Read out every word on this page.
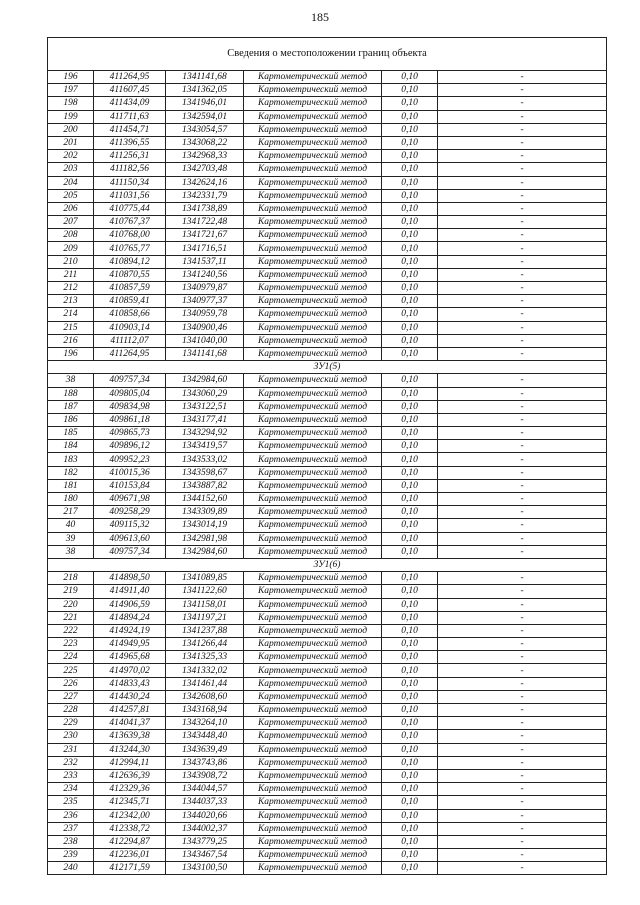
185
Сведения о местоположении границ объекта					
196	411264,95	1341141,68	Картометрический метод	0,10	-
197	411607,45	1341362,05	Картометрический метод	0,10	-
198	411434,09	1341946,01	Картометрический метод	0,10	-
199	411711,63	1342594,01	Картометрический метод	0,10	-
200	411454,71	1343054,57	Картометрический метод	0,10	-
201	411396,55	1343068,22	Картометрический метод	0,10	-
202	411256,31	1342968,33	Картометрический метод	0,10	-
203	411182,56	1342703,48	Картометрический метод	0,10	-
204	411150,34	1342624,16	Картометрический метод	0,10	-
205	411031,56	1342331,79	Картометрический метод	0,10	-
206	410775,44	1341738,89	Картометрический метод	0,10	-
207	410767,37	1341722,48	Картометрический метод	0,10	-
208	410768,00	1341721,67	Картометрический метод	0,10	-
209	410765,77	1341716,51	Картометрический метод	0,10	-
210	410894,12	1341537,11	Картометрический метод	0,10	-
211	410870,55	1341240,56	Картометрический метод	0,10	-
212	410857,59	1340979,87	Картометрический метод	0,10	-
213	410859,41	1340977,37	Картометрический метод	0,10	-
214	410858,66	1340959,78	Картометрический метод	0,10	-
215	410903,14	1340900,46	Картометрический метод	0,10	-
216	411112,07	1341040,00	Картометрический метод	0,10	-
196	411264,95	1341141,68	Картометрический метод	0,10	-
ЗУ1(5)					
38	409757,34	1342984,60	Картометрический метод	0,10	-
188	409805,04	1343060,29	Картометрический метод	0,10	-
187	409834,98	1343122,51	Картометрический метод	0,10	-
186	409861,18	1343177,41	Картометрический метод	0,10	-
185	409865,73	1343294,92	Картометрический метод	0,10	-
184	409896,12	1343419,57	Картометрический метод	0,10	-
183	409952,23	1343533,02	Картометрический метод	0,10	-
182	410015,36	1343598,67	Картометрический метод	0,10	-
181	410153,84	1343887,82	Картометрический метод	0,10	-
180	409671,98	1344152,60	Картометрический метод	0,10	-
217	409258,29	1343309,89	Картометрический метод	0,10	-
40	409115,32	1343014,19	Картометрический метод	0,10	-
39	409613,60	1342981,98	Картометрический метод	0,10	-
38	409757,34	1342984,60	Картометрический метод	0,10	-
ЗУ1(6)					
218	414898,50	1341089,85	Картометрический метод	0,10	-
219	414911,40	1341122,60	Картометрический метод	0,10	-
220	414906,59	1341158,01	Картометрический метод	0,10	-
221	414894,24	1341197,21	Картометрический метод	0,10	-
222	414924,19	1341237,88	Картометрический метод	0,10	-
223	414949,95	1341266,44	Картометрический метод	0,10	-
224	414965,68	1341325,33	Картометрический метод	0,10	-
225	414970,02	1341332,02	Картометрический метод	0,10	-
226	414833,43	1341461,44	Картометрический метод	0,10	-
227	414430,24	1342608,60	Картометрический метод	0,10	-
228	414257,81	1343168,94	Картометрический метод	0,10	-
229	414041,37	1343264,10	Картометрический метод	0,10	-
230	413639,38	1343448,40	Картометрический метод	0,10	-
231	413244,30	1343639,49	Картометрический метод	0,10	-
232	412994,11	1343743,86	Картометрический метод	0,10	-
233	412636,39	1343908,72	Картометрический метод	0,10	-
234	412329,36	1344044,57	Картометрический метод	0,10	-
235	412345,71	1344037,33	Картометрический метод	0,10	-
236	412342,00	1344020,66	Картометрический метод	0,10	-
237	412338,72	1344002,37	Картометрический метод	0,10	-
238	412294,87	1343779,25	Картометрический метод	0,10	-
239	412236,01	1343467,54	Картометрический метод	0,10	-
240	412171,59	1343100,50	Картометрический метод	0,10	-
